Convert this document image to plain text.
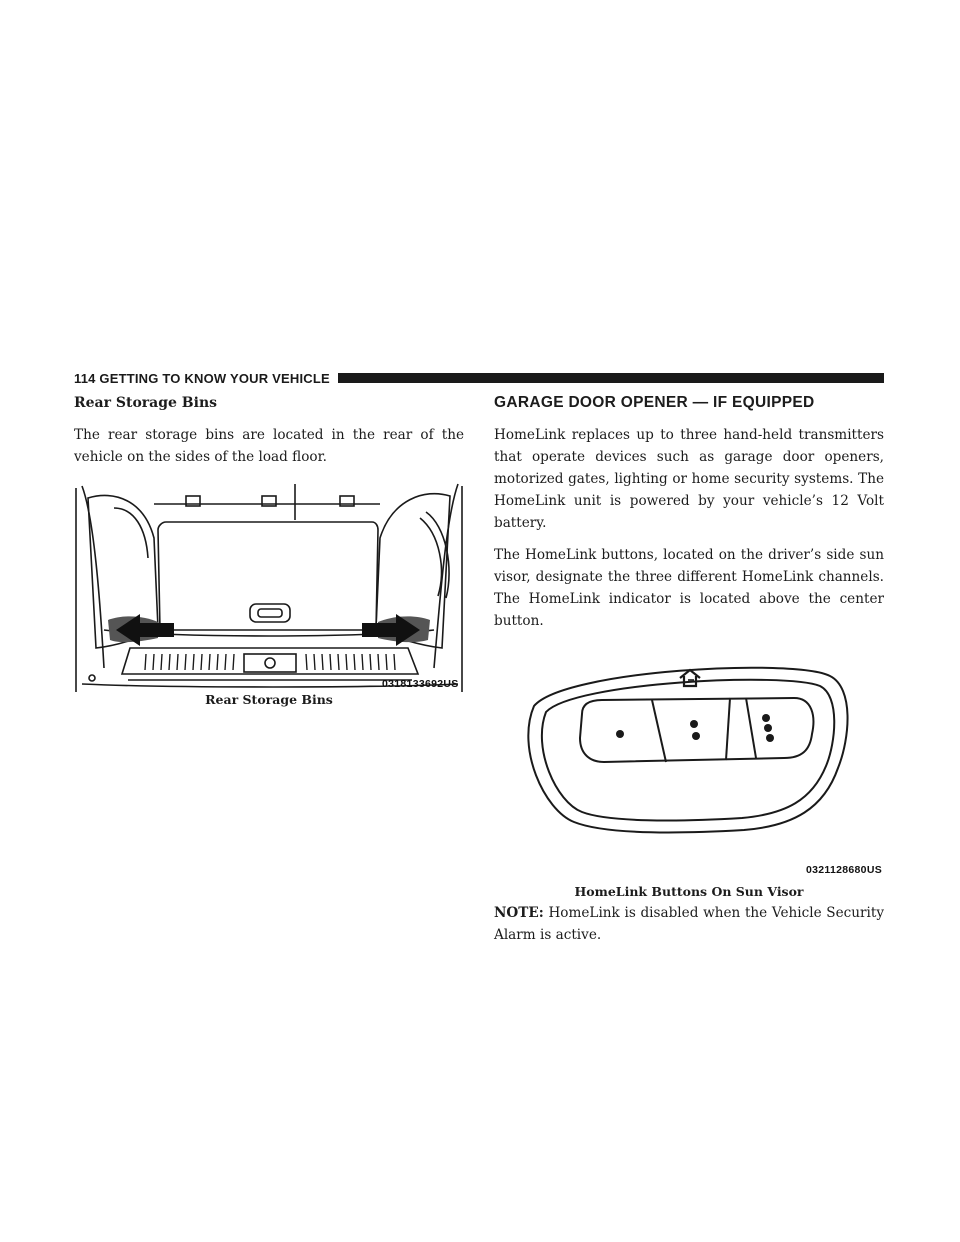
114 GETTING TO KNOW YOUR VEHICLE
Rear Storage Bins

The rear storage bins are located in the rear of the vehicle on the sides of the load floor.

0318133692US
Rear Storage Bins
GARAGE DOOR OPENER — IF EQUIPPED

HomeLink replaces up to three hand-held transmitters that operate devices such as garage door openers, motorized gates, lighting or home security systems. The HomeLink unit is powered by your vehicle’s 12 Volt battery.

The HomeLink buttons, located on the driver’s side sun visor, designate the three different HomeLink channels. The HomeLink indicator is located above the center button.

0321128680US
HomeLink Buttons On Sun Visor

NOTE: HomeLink is disabled when the Vehicle Security Alarm is active.
